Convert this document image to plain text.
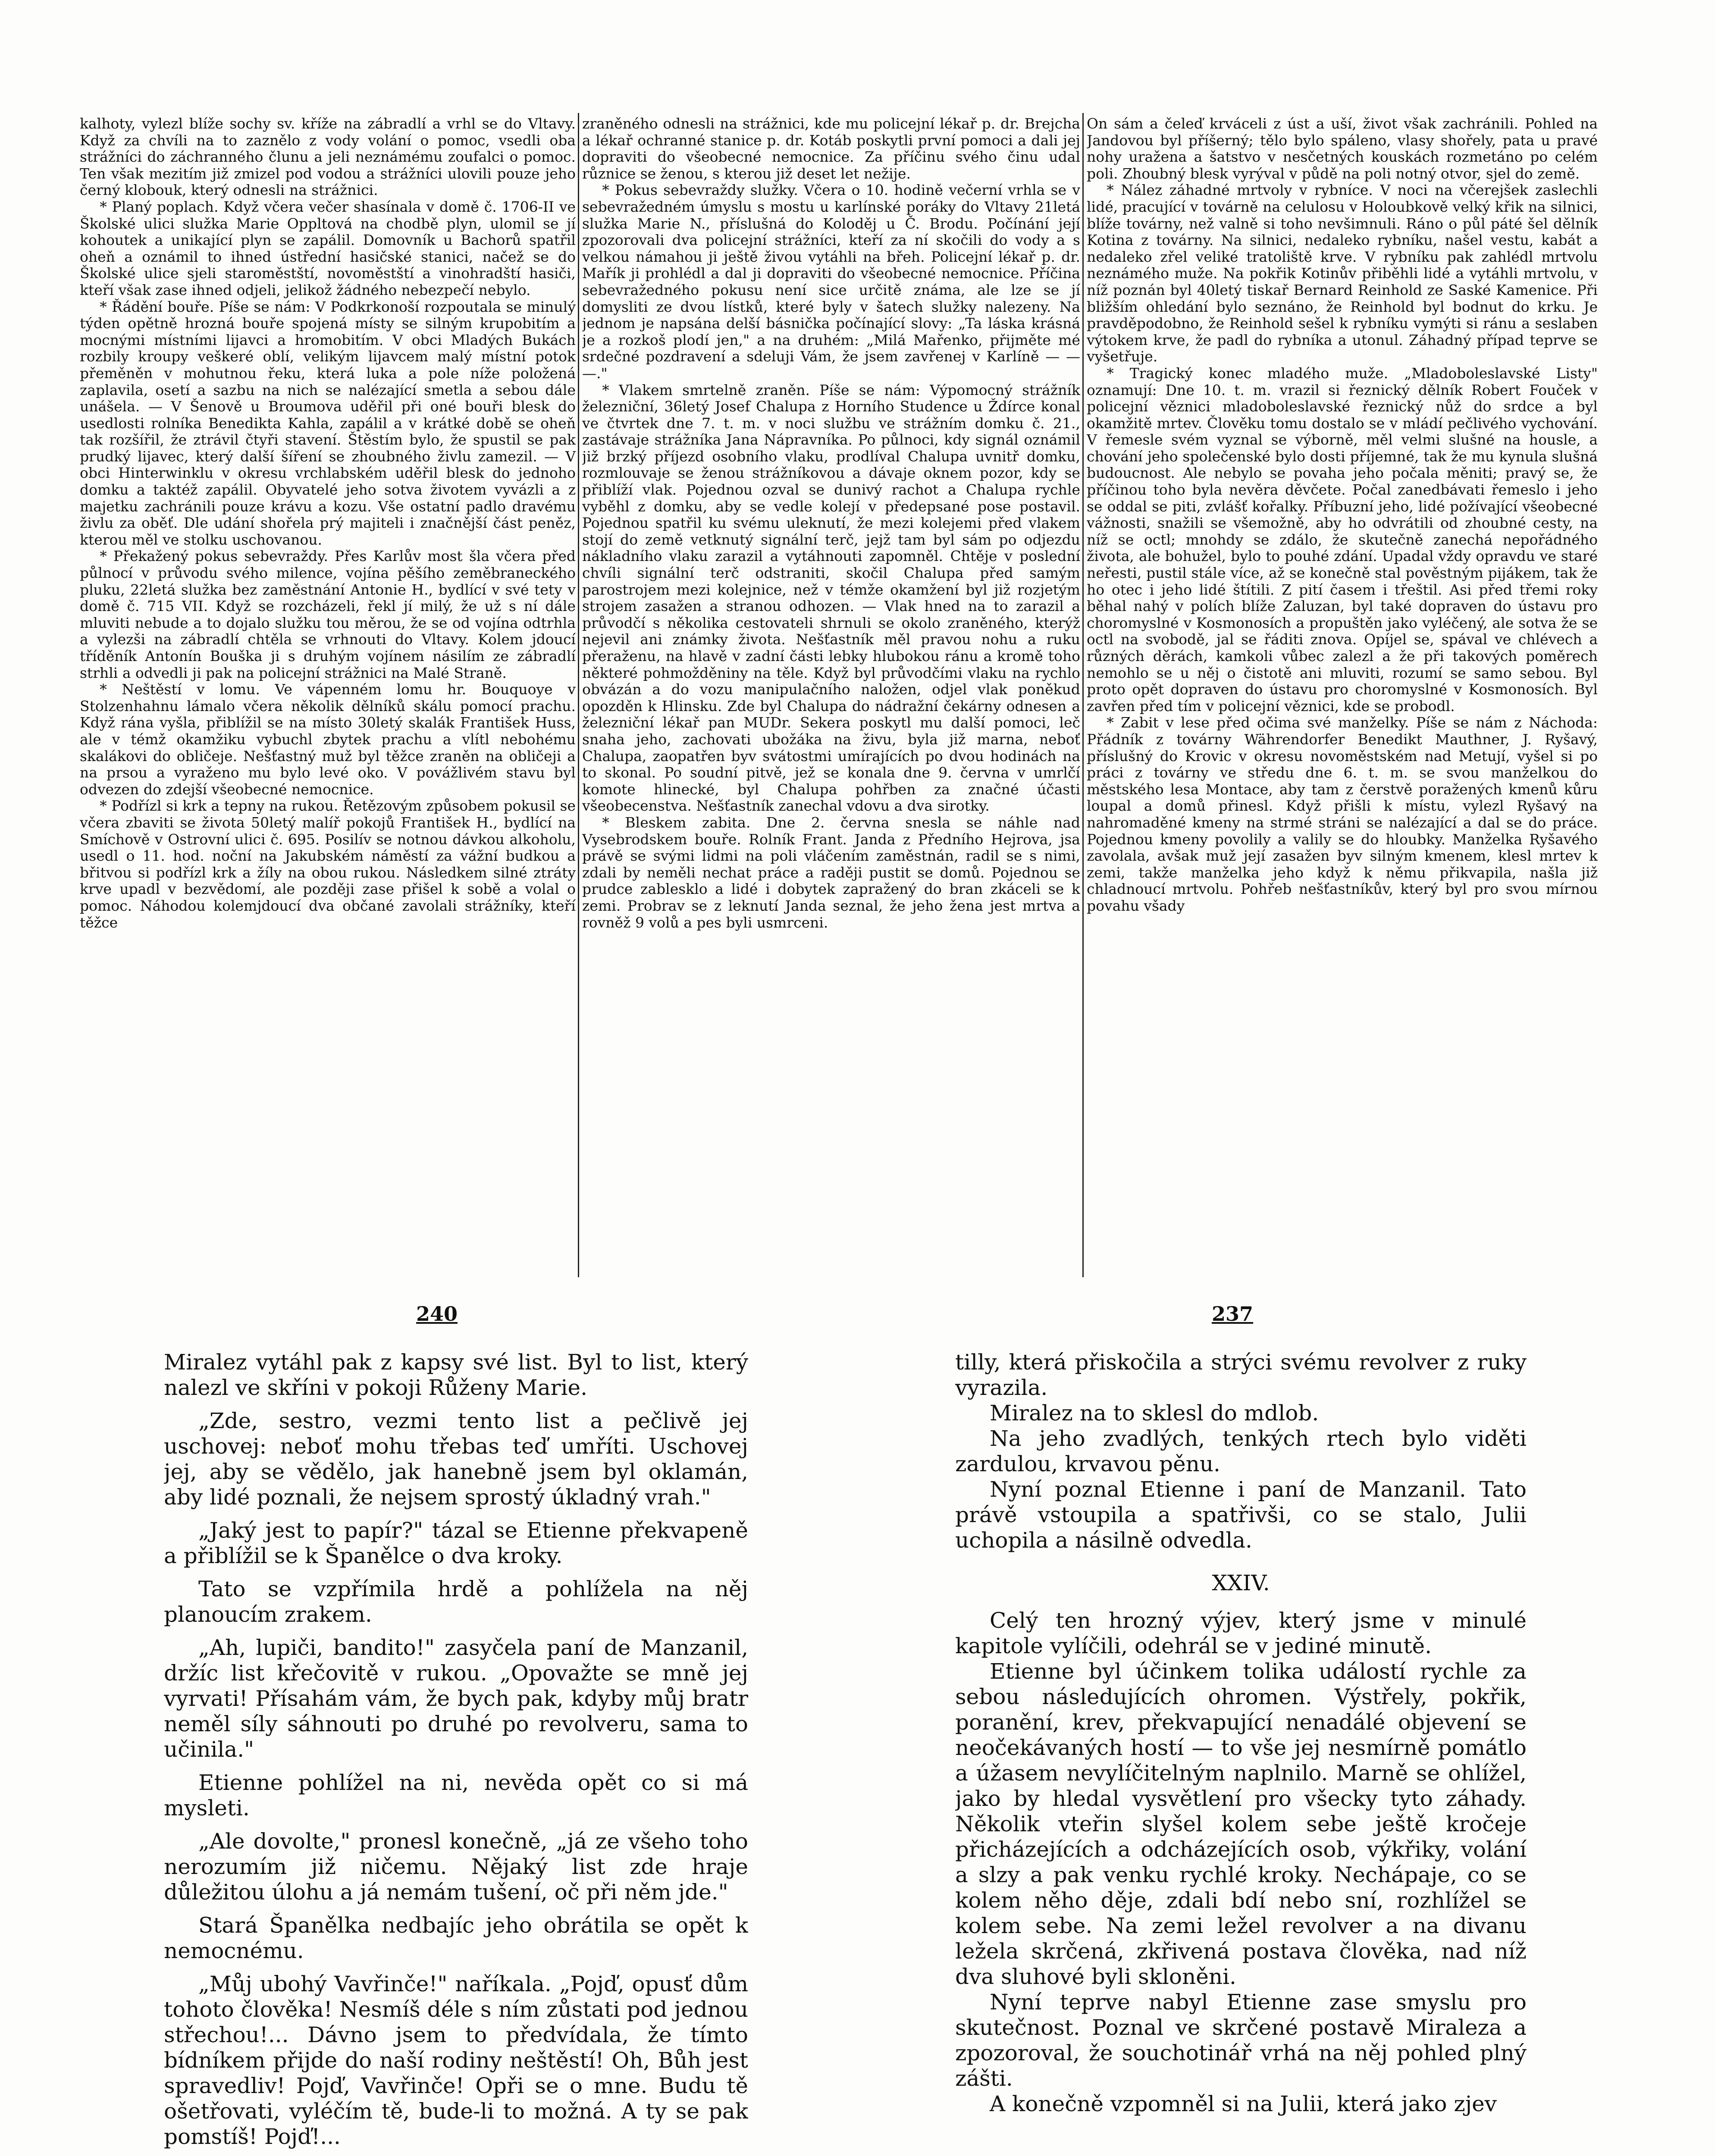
kalhoty, vylezl blíže sochy sv. kříže na zábradlí a vrhl se do Vltavy. Když za chvíli na to zaznělo z vody volání o pomoc, vsedli oba strážníci do záchranného člunu a jeli neznámému zoufalci o pomoc. Ten však mezitím již zmizel pod vodou a strážníci ulovili pouze jeho černý klobouk, který odnesli na strážnici.

* Planý poplach. Když včera večer shasínala v domě č. 1706-II ve Školské ulici služka Marie Oppltová na chodbě plyn, ulomil se jí kohoutek a unikající plyn se zapálil. Domovník u Bachorů spatřil oheň a oznámil to ihned ústřední hasičské stanici, načež se do Školské ulice sjeli staroměstští, novoměstští a vinohradští hasiči, kteří však zase ihned odjeli, jelikož žádného nebezpečí nebylo.

* Řádění bouře. Píše se nám: V Podkrkonoší rozpoutala se minulý týden opětně hrozná bouře spojená místy se silným krupobitím a mocnými místními lijavci a hromobitím. V obci Mladých Bukách rozbily kroupy veškeré oblí, velikým lijavcem malý místní potok přeměněn v mohutnou řeku, která luka a pole níže položená zaplavila, osetí a sazbu na nich se nalézající smetla a sebou dále unášela. — V Šenově u Broumova uděřil při oné bouři blesk do usedlosti rolníka Benedikta Kahla, zapálil a v krátké době se oheň tak rozšířil, že ztrávil čtyři stavení. Štěstím bylo, že spustil se pak prudký lijavec, který další šíření se zhoubného živlu zamezil. — V obci Hinterwinklu v okresu vrchlabském uděřil blesk do jednoho domku a taktéž zapálil. Obyvatelé jeho sotva životem vyvázli a z majetku zachránili pouze krávu a kozu. Vše ostatní padlo dravému živlu za oběť. Dle udání shořela prý majiteli i značnější část peněz, kterou měl ve stolku uschovanou.

* Překažený pokus sebevraždy. Přes Karlův most šla včera před půlnocí v průvodu svého milence, vojína pěšího zeměbraneckého pluku, 22letá služka bez zaměstnání Antonie H., bydlící v své tety v domě č. 715 VII. Když se rozcházeli, řekl jí milý, že už s ní dále mluviti nebude a to dojalo služku tou měrou, že se od vojína odtrhla a vylezši na zábradlí chtěla se vrhnouti do Vltavy. Kolem jdoucí tříděník Antonín Bouška ji s druhým vojínem násilím ze zábradlí strhli a odvedli ji pak na policejní strážnici na Malé Straně.

* Neštěstí v lomu. Ve vápenném lomu hr. Bouquoye v Stolzenhahnu lámalo včera několik dělníků skálu pomocí prachu. Když rána vyšla, přiblížil se na místo 30letý skalák František Huss, ale v témž okamžiku vybuchl zbytek prachu a vlítl nebohému skalákovi do obličeje. Nešťastný muž byl těžce zraněn na obličeji a na prsou a vyraženo mu bylo levé oko. V povážlivém stavu byl odvezen do zdejší všeobecné nemocnice.

* Podřízl si krk a tepny na rukou. Řetězovým způsobem pokusil se včera zbaviti se života 50letý malíř pokojů František H., bydlící na Smíchově v Ostrovní ulici č. 695. Posilív se notnou dávkou alkoholu, usedl o 11. hod. noční na Jakubském náměstí za vážní budkou a břitvou si podřízl krk a žíly na obou rukou. Následkem silné ztráty krve upadl v bezvědomí, ale později zase přišel k sobě a volal o pomoc. Náhodou kolemjdoucí dva občané zavolali strážníky, kteří těžce

zraněného odnesli na strážnici, kde mu policejní lékař p. dr. Brejcha a lékař ochranné stanice p. dr. Kotáb poskytli první pomoci a dali jej dopraviti do všeobecné nemocnice. Za příčinu svého činu udal různice se ženou, s kterou již deset let nežije.

* Pokus sebevraždy služky. Včera o 10. hodině večerní vrhla se v sebevražedném úmyslu s mostu u karlínské poráky do Vltavy 21letá služka Marie N., příslušná do Koloděj u Č. Brodu. Počínání její zpozorovali dva policejní strážníci, kteří za ní skočili do vody a s velkou námahou ji ještě živou vytáhli na břeh. Policejní lékař p. dr. Mařík ji prohlédl a dal ji dopraviti do všeobecné nemocnice. Příčina sebevražedného pokusu není sice určitě známa, ale lze se jí domysliti ze dvou lístků, které byly v šatech služky nalezeny. Na jednom je napsána delší básnička počínající slovy: „Ta láska krásná je a rozkoš plodí jen," a na druhém: „Milá Mařenko, přijměte mé srdečné pozdravení a sdeluji Vám, že jsem zavřenej v Karlíně — — —."

* Vlakem smrtelně zraněn. Píše se nám: Výpomocný strážník železniční, 36letý Josef Chalupa z Horního Studence u Ždírce konal ve čtvrtek dne 7. t. m. v noci službu ve strážním domku č. 21., zastávaje strážníka Jana Nápravníka. Po půlnoci, kdy signál oznámil již brzký příjezd osobního vlaku, prodlíval Chalupa uvnitř domku, rozmlouvaje se ženou strážníkovou a dávaje oknem pozor, kdy se přiblíží vlak. Pojednou ozval se dunivý rachot a Chalupa rychle vyběhl z domku, aby se vedle kolejí v předepsané pose postavil. Pojednou spatřil ku svému uleknutí, že mezi kolejemi před vlakem stojí do země vetknutý signální terč, jejž tam byl sám po odjezdu nákladního vlaku zarazil a vytáhnouti zapomněl. Chtěje v poslední chvíli signální terč odstraniti, skočil Chalupa před samým parostrojem mezi kolejnice, než v témže okamžení byl již rozjetým strojem zasažen a stranou odhozen. — Vlak hned na to zarazil a průvodčí s několika cestovateli shrnuli se okolo zraněného, kterýž nejevil ani známky života. Nešťastník měl pravou nohu a ruku přeraženu, na hlavě v zadní části lebky hlubokou ránu a kromě toho některé pohmožděniny na těle. Když byl průvodčími vlaku na rychlo obvázán a do vozu manipulačního naložen, odjel vlak poněkud opozděn k Hlinsku. Zde byl Chalupa do nádražní čekárny odnesen a železniční lékař pan MUDr. Sekera poskytl mu další pomoci, leč snaha jeho, zachovati ubožáka na živu, byla již marna, neboť Chalupa, zaopatřen byv svátostmi umírajících po dvou hodinách na to skonal. Po soudní pitvě, jež se konala dne 9. června v umrlčí komote hlinecké, byl Chalupa pohřben za značné účasti všeobecenstva. Nešťastník zanechal vdovu a dva sirotky.

* Bleskem zabita. Dne 2. června snesla se náhle nad Vysebrodskem bouře. Rolník Frant. Janda z Předního Hejrova, jsa právě se svými lidmi na poli vláčením zaměstnán, radil se s nimi, zdali by neměli nechat práce a raději pustit se domů. Pojednou se prudce zablesklo a lidé i dobytek zapražený do bran zkáceli se k zemi. Probrav se z leknutí Janda seznal, že jeho žena jest mrtva a rovněž 9 volů a pes byli usmrceni.

On sám a čeleď krváceli z úst a uší, život však zachránili. Pohled na Jandovou byl příšerný; tělo bylo spáleno, vlasy shořely, pata u pravé nohy uražena a šatstvo v nesčetných kouskách rozmetáno po celém poli. Zhoubný blesk vyrýval v půdě na poli notný otvor, sjel do země.

* Nález záhadné mrtvoly v rybníce. V noci na včerejšek zaslechli lidé, pracující v továrně na celulosu v Holoubkově velký křik na silnici, blíže továrny, než valně si toho nevšimnuli. Ráno o půl páté šel dělník Kotina z továrny. Na silnici, nedaleko rybníku, našel vestu, kabát a nedaleko zřel veliké tratoliště krve. V rybníku pak zahlédl mrtvolu neznámého muže. Na pokřik Kotinův přiběhli lidé a vytáhli mrtvolu, v níž poznán byl 40letý tiskař Bernard Reinhold ze Saské Kamenice. Při bližším ohledání bylo seznáno, že Reinhold byl bodnut do krku. Je pravděpodobno, že Reinhold sešel k rybníku vymýti si ránu a seslaben výtokem krve, že padl do rybníka a utonul. Záhadný případ teprve se vyšetřuje.

* Tragický konec mladého muže. „Mladoboleslavské Listy" oznamují: Dne 10. t. m. vrazil si řeznický dělník Robert Fouček v policejní věznici mladoboleslavské řeznický nůž do srdce a byl okamžitě mrtev. Člověku tomu dostalo se v mládí pečlivého vychování. V řemesle svém vyznal se výborně, měl velmi slušné na housle, a chování jeho společenské bylo dosti příjemné, tak že mu kynula slušná budoucnost. Ale nebylo se povaha jeho počala měniti; pravý se, že příčinou toho byla nevěra děvčete. Počal zanedbávati řemeslo i jeho se oddal se piti, zvlášť kořalky. Příbuzní jeho, lidé požívající všeobecné vážnosti, snažili se všemožně, aby ho odvrátili od zhoubné cesty, na níž se octl; mnohdy se zdálo, že skutečně zanechá nepořádného života, ale bohužel, bylo to pouhé zdání. Upadal vždy opravdu ve staré neřesti, pustil stále více, až se konečně stal pověstným pijákem, tak že ho otec i jeho lidé štítili. Z pití časem i třeštil. Asi před třemi roky běhal nahý v polích blíže Zaluzan, byl také dopraven do ústavu pro choromyslné v Kosmonosích a propuštěn jako vyléčený, ale sotva že se octl na svobodě, jal se řáditi znova. Opíjel se, spával ve chlévech a různých děrách, kamkoli vůbec zalezl a že při takových poměrech nemohlo se u něj o čistotě ani mluviti, rozumí se samo sebou. Byl proto opět dopraven do ústavu pro choromyslné v Kosmonosích. Byl zavřen před tím v policejní věznici, kde se probodl.

* Zabit v lese před očima své manželky. Píše se nám z Náchoda: Přádník z továrny Währendorfer Benedikt Mauthner, J. Ryšavý, příslušný do Krovic v okresu novoměstském nad Metují, vyšel si po práci z továrny ve středu dne 6. t. m. se svou manželkou do městského lesa Montace, aby tam z čerstvě poražených kmenů kůru loupal a domů přinesl. Když přišli k místu, vylezl Ryšavý na nahromaděné kmeny na strmé stráni se nalézající a dal se do práce. Pojednou kmeny povolily a valily se do hloubky. Manželka Ryšavého zavolala, avšak muž její zasažen byv silným kmenem, klesl mrtev k zemi, takže manželka jeho když k němu přikvapila, našla již chladnoucí mrtvolu. Pohřeb nešťastníkův, který byl pro svou mírnou povahu všady

240	237

Miralez vytáhl pak z kapsy své list. Byl to list, který nalezl ve skříni v pokoji Růženy Marie.

„Zde, sestro, vezmi tento list a pečlivě jej uschovej: neboť mohu třebas teď umříti. Uschovej jej, aby se vědělo, jak hanebně jsem byl oklamán, aby lidé poznali, že nejsem sprostý úkladný vrah."

„Jaký jest to papír?" tázal se Etienne překvapeně a přiblížil se k Španělce o dva kroky.

Tato se vzpřímila hrdě a pohlížela na něj planoucím zrakem.

„Ah, lupiči, bandito!" zasyčela paní de Manzanil, držíc list křečovitě v rukou. „Opovažte se mně jej vyrvati! Přísahám vám, že bych pak, kdyby můj bratr neměl síly sáhnouti po druhé po revolveru, sama to učinila."

Etienne pohlížel na ni, nevěda opět co si má mysleti.

„Ale dovolte," pronesl konečně, „já ze všeho toho nerozumím již ničemu. Nějaký list zde hraje důležitou úlohu a já nemám tušení, oč při něm jde."

Stará Španělka nedbajíc jeho obrátila se opět k nemocnému.

„Můj ubohý Vavřinče!" naříkala. „Pojď, opusť dům tohoto člověka! Nesmíš déle s ním zůstati pod jednou střechou!... Dávno jsem to předvídala, že tímto bídníkem přijde do naší rodiny neštěstí! Oh, Bůh jest spravedliv! Pojď, Vavřinče! Opři se o mne. Budu tě ošetřovati, vyléčím tě, bude-li to možná. A ty se pak pomstíš! Pojď!...

tilly, která přiskočila a strýci svému revolver z ruky vyrazila.

Miralez na to sklesl do mdlob.

Na jeho zvadlých, tenkých rtech bylo viděti zardulou, krvavou pěnu.

Nyní poznal Etienne i paní de Manzanil. Tato právě vstoupila a spatřivši, co se stalo, Julii uchopila a násilně odvedla.

XXIV.

Celý ten hrozný výjev, který jsme v minulé kapitole vylíčili, odehrál se v jediné minutě.

Etienne byl účinkem tolika událostí rychle za sebou následujících ohromen. Výstřely, pokřik, poranění, krev, překvapující nenadálé objevení se neočekávaných hostí — to vše jej nesmírně pomátlo a úžasem nevylíčitelným naplnilo. Marně se ohlížel, jako by hledal vysvětlení pro všecky tyto záhady. Několik vteřin slyšel kolem sebe ještě kročeje přicházejících a odcházejících osob, výkřiky, volání a slzy a pak venku rychlé kroky. Nechápaje, co se kolem něho děje, zdali bdí nebo sní, rozhlížel se kolem sebe. Na zemi ležel revolver a na divanu ležela skrčená, zkřivená postava člověka, nad níž dva sluhové byli skloněni.

Nyní teprve nabyl Etienne zase smyslu pro skutečnost. Poznal ve skrčené postavě Miraleza a zpozoroval, že souchotinář vrhá na něj pohled plný zášti.

A konečně vzpomněl si na Julii, která jako zjev
